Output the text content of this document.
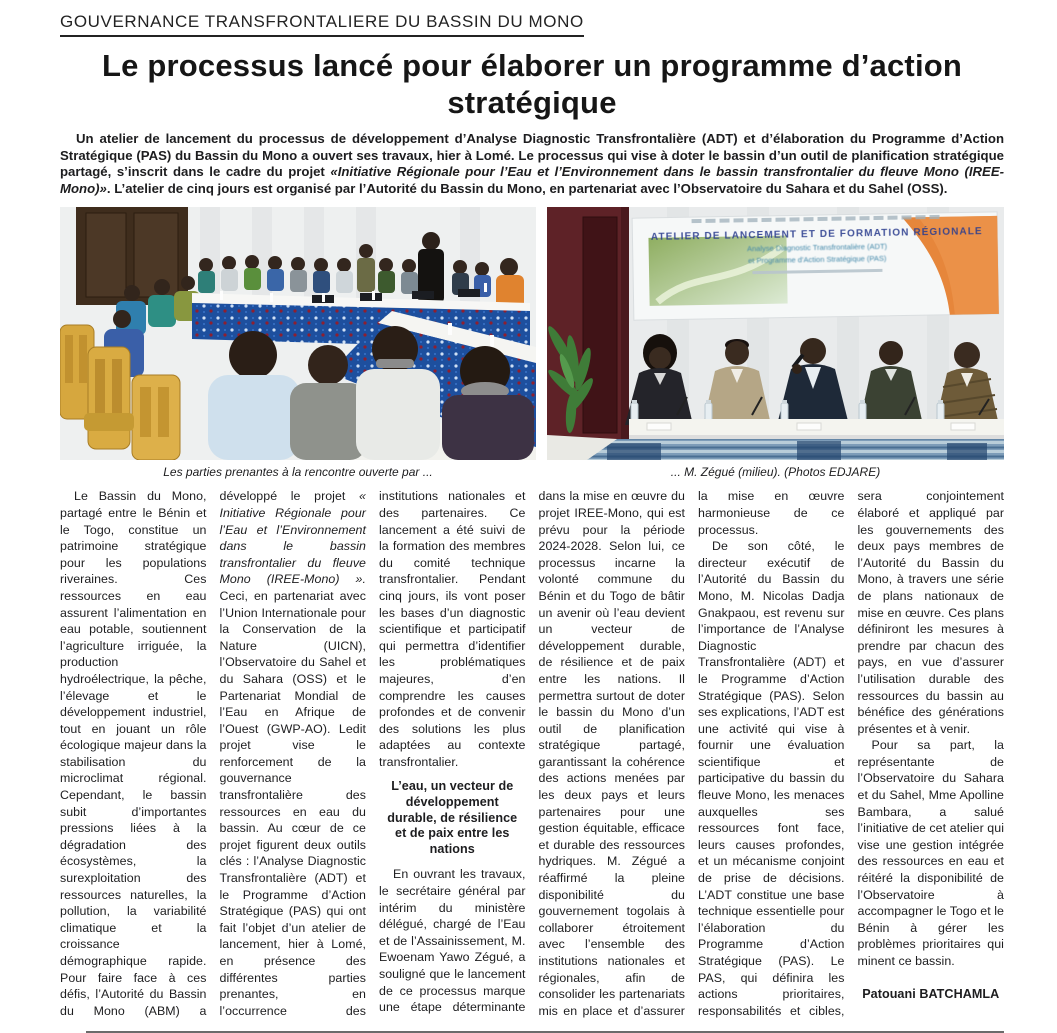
GOUVERNANCE TRANSFRONTALIERE DU BASSIN DU MONO
Le processus lancé pour élaborer un programme d’action stratégique

Un atelier de lancement du processus de développement d’Analyse Diagnostic Transfrontalière (ADT) et d’élaboration du Programme d’Action Stratégique (PAS) du Bassin du Mono a ouvert ses travaux, hier à Lomé. Le processus qui vise à doter le bassin d’un outil de planification stratégique partagé, s’inscrit dans le cadre du projet «Initiative Régionale pour l’Eau et l’Environnement dans le bassin transfrontalier du fleuve Mono (IREE-Mono)». L’atelier de cinq jours est organisé par l’Autorité du Bassin du Mono, en partenariat avec l’Observatoire du Sahara et du Sahel (OSS).

Les parties prenantes à la rencontre ouverte par ...
ATELIER DE LANCEMENT ET DE FORMATION RÉGIONALE
Analyse Diagnostic Transfrontalière (ADT)
et Programme d’Action Stratégique (PAS)
... M. Zégué (milieu). (Photos EDJARE)

Le Bassin du Mono, partagé entre le Bénin et le Togo, constitue un patrimoine stratégique pour les populations riveraines. Ces ressources en eau assurent l’alimentation en eau potable, soutiennent l’agriculture irriguée, la production hydroélectrique, la pêche, l’élevage et le développement industriel, tout en jouant un rôle écologique majeur dans la stabilisation du microclimat régional. Cependant, le bassin subit d’importantes pressions liées à la dégradation des écosystèmes, la surexploitation des ressources naturelles, la pollution, la variabilité climatique et la croissance démographique rapide. Pour faire face à ces défis, l’Autorité du Bassin du Mono (ABM) a développé le projet « Initiative Régionale pour l’Eau et l’Environnement dans le bassin transfrontalier du fleuve Mono (IREE-Mono) ». Ceci, en partenariat avec l’Union Internationale pour la Conservation de la Nature (UICN), l’Observatoire du Sahel et du Sahara (OSS) et le Partenariat Mondial de l’Eau en Afrique de l’Ouest (GWP-AO). Ledit projet vise le renforcement de la gouvernance transfrontalière des ressources en eau du bassin. Au cœur de ce projet figurent deux outils clés : l’Analyse Diagnostic Transfrontalière (ADT) et le Programme d’Action Stratégique (PAS) qui ont fait l’objet d’un atelier de lancement, hier à Lomé, en présence des différentes parties prenantes, en l’occurrence des institutions nationales et des partenaires. Ce lancement a été suivi de la formation des membres du comité technique transfrontalier. Pendant cinq jours, ils vont poser les bases d’un diagnostic scientifique et participatif qui permettra d’identifier les problématiques majeures, d’en comprendre les causes profondes et de convenir des solutions les plus adaptées au contexte transfrontalier.

L’eau, un vecteur de développement durable, de résilience et de paix entre les nations

En ouvrant les travaux, le secrétaire général par intérim du ministère délégué, chargé de l’Eau et de l’Assainissement, M. Ewoenam Yawo Zégué, a souligné que le lancement de ce processus marque une étape déterminante dans la mise en œuvre du projet IREE-Mono, qui est prévu pour la période 2024-2028. Selon lui, ce processus incarne la volonté commune du Bénin et du Togo de bâtir un avenir où l’eau devient un vecteur de développement durable, de résilience et de paix entre les nations. Il permettra surtout de doter le bassin du Mono d’un outil de planification stratégique partagé, garantissant la cohérence des actions menées par les deux pays et leurs partenaires pour une gestion équitable, efficace et durable des ressources hydriques. M. Zégué a réaffirmé la pleine disponibilité du gouvernement togolais à collaborer étroitement avec l’ensemble des institutions nationales et régionales, afin de consolider les partenariats mis en place et d’assurer la mise en œuvre harmonieuse de ce processus.

De son côté, le directeur exécutif de l’Autorité du Bassin du Mono, M. Nicolas Dadja Gnakpaou, est revenu sur l’importance de l’Analyse Diagnostic Transfrontalière (ADT) et le Programme d’Action Stratégique (PAS). Selon ses explications, l’ADT est une activité qui vise à fournir une évaluation scientifique et participative du bassin du fleuve Mono, les menaces auxquelles ses ressources font face, leurs causes profondes, et un mécanisme conjoint de prise de décisions. L’ADT constitue une base technique essentielle pour l’élaboration du Programme d’Action Stratégique (PAS). Le PAS, qui définira les actions prioritaires, responsabilités et cibles, sera conjointement élaboré et appliqué par les gouvernements des deux pays membres de l’Autorité du Bassin du Mono, à travers une série de plans nationaux de mise en œuvre. Ces plans définiront les mesures à prendre par chacun des pays, en vue d’assurer l’utilisation durable des ressources du bassin au bénéfice des générations présentes et à venir.

Pour sa part, la représentante de l’Observatoire du Sahara et du Sahel, Mme Apolline Bambara, a salué l’initiative de cet atelier qui vise une gestion intégrée des ressources en eau et réitéré la disponibilité de l’Observatoire à accompagner le Togo et le Bénin à gérer les problèmes prioritaires qui minent ce bassin.

Patouani BATCHAMLA
